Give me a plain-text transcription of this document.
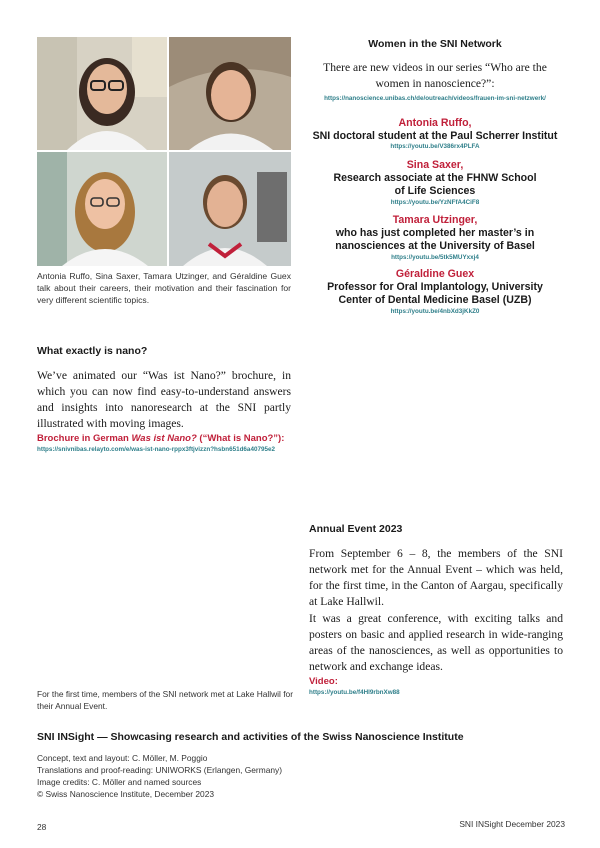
Antonia Ruffo, Sina Saxer, Tamara Utzinger, and Géraldine Guex talk about their careers, their motivation and their fascination for very different scientific topics.
Women in the SNI Network
There are new videos in our series “Who are the women in nanoscience?”:
https://nanoscience.unibas.ch/de/outreach/videos/frauen-im-sni-netzwerk/
Antonia Ruffo,
SNI doctoral student at the Paul Scherrer Institut
https://youtu.be/V386rx4PLFA
Sina Saxer,
Research associate at the FHNW School of Life Sciences
https://youtu.be/YzNFfA4CiF8
Tamara Utzinger,
who has just completed her master’s in nanosciences at the University of Basel
https://youtu.be/5tk5MUYxxj4
Géraldine Guex
Professor for Oral Implantology, University Center of Dental Medicine Basel (UZB)
https://youtu.be/4nbXd3jKkZ0
What exactly is nano?
We’ve animated our “Was ist Nano?” brochure, in which you can now find easy-to-understand answers and insights into nanoresearch at the SNI partly illustrated with moving images.
Brochure in German Was ist Nano? (“What is Nano?”):
https://snivnibas.relayto.com/e/was-ist-nano-rppx3ftjvizzn?hsbn651d6a40795e2
Annual Event 2023
From September 6 – 8, the members of the SNI network met for the Annual Event – which was held, for the first time, in the Canton of Aargau, specifically at Lake Hallwil.
It was a great conference, with exciting talks and posters on basic and applied research in wide-ranging areas of the nanosciences, as well as opportunities to network and exchange ideas.
Video:
https://youtu.be/f4Hl9rbnXw88
For the first time, members of the SNI network met at Lake Hallwil for their Annual Event.
SNI INSight — Showcasing research and activities of the Swiss Nanoscience Institute
Concept, text and layout: C. Möller, M. Poggio
Translations and proof-reading: UNIWORKS (Erlangen, Germany)
Image credits: C. Möller and named sources
© Swiss Nanoscience Institute, December 2023
28	SNI INSight December 2023
